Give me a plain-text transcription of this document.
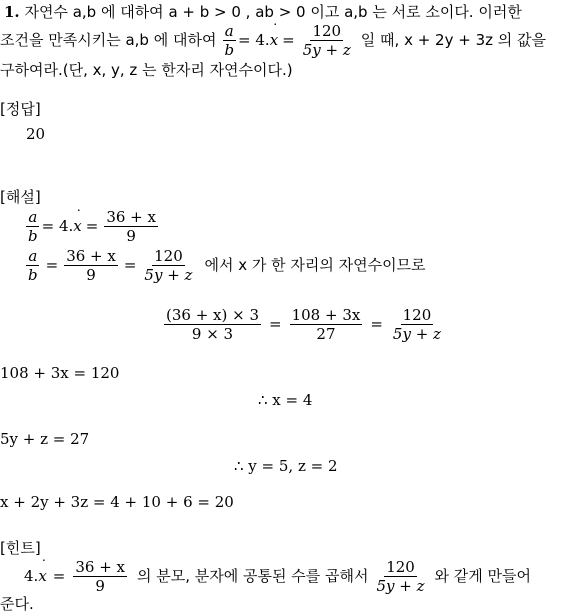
1. 자연수 a,b 에 대하여 a + b > 0 , ab > 0 이고 a,b 는 서로 소이다. 이러한
조건을 만족시키는 a,b 에 대하여 $\frac{a}{b} = 4$. x ˙ = $\frac{120}{5y + z}$ 일 때, x + 2y + 3z 의 값을
구하여라.(단, x, y, z 는 한자리 자연수이다.)
[정답]
20
[해설]
$\frac{a}{b} = 4$. x ˙ = $\frac{36 + x}{9}$
$\frac{a}{b} = \frac{36 + x}{9} = \frac{120}{5y + z}$ 에서 x 가 한 자리의 자연수이므로
$\frac{(36 + x) \times 3}{9 \times 3} = \frac{108 + 3x}{27} = \frac{120}{5y + z}$
108 + 3x = 120
∴ x = 4
5y + z = 27
∴ y = 5, z = 2
x + 2y + 3z = 4 + 10 + 6 = 20
[힌트]
4. x ˙ = $\frac{36 + x}{9}$ 의 분모, 분자에 공통된 수를 곱해서 $\frac{120}{5y + z}$ 와 같게 만들어
준다.
